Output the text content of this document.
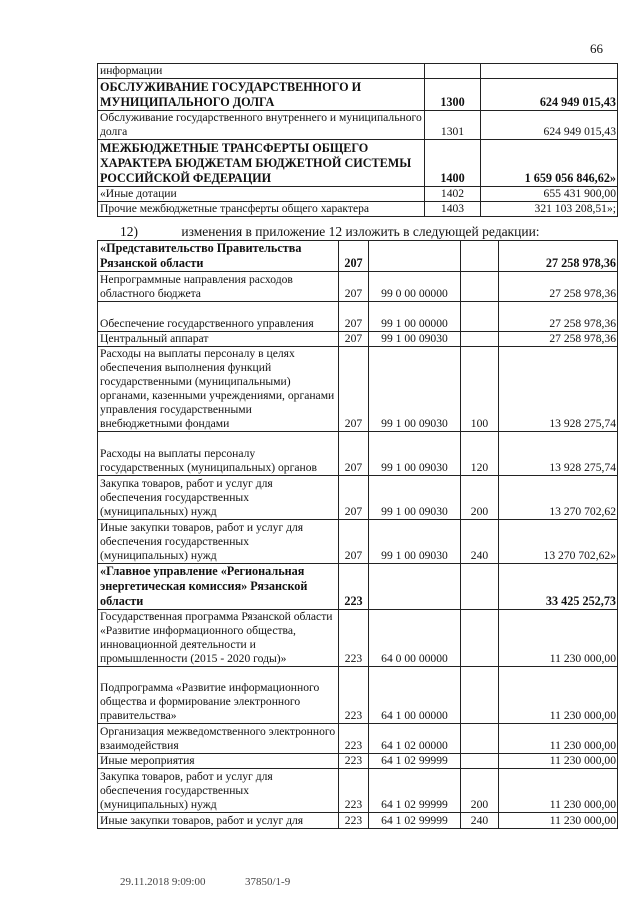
66
информации		
ОБСЛУЖИВАНИЕ ГОСУДАРСТВЕННОГО И МУНИЦИПАЛЬНОГО ДОЛГА	1300	624 949 015,43
Обслуживание государственного внутреннего и муниципального долга	1301	624 949 015,43
МЕЖБЮДЖЕТНЫЕ ТРАНСФЕРТЫ ОБЩЕГО ХАРАКТЕРА БЮДЖЕТАМ БЮДЖЕТНОЙ СИСТЕМЫ РОССИЙСКОЙ ФЕДЕРАЦИИ	1400	1 659 056 846,62»
«Иные дотации	1402	655 431 900,00
Прочие межбюджетные трансферты общего характера	1403	321 103 208,51»;
12)	изменения в приложение 12 изложить в следующей редакции:
«Представительство Правительства Рязанской области	207			27 258 978,36
Непрограммные направления расходов областного бюджета	207	99 0 00 00000		27 258 978,36
Обеспечение государственного управления	207	99 1 00 00000		27 258 978,36
Центральный аппарат	207	99 1 00 09030		27 258 978,36
Расходы на выплаты персоналу в целях обеспечения выполнения функций государственными (муниципальными) органами, казенными учреждениями, органами управления государственными внебюджетными фондами	207	99 1 00 09030	100	13 928 275,74
Расходы на выплаты персоналу государственных (муниципальных) органов	207	99 1 00 09030	120	13 928 275,74
Закупка товаров, работ и услуг для обеспечения государственных (муниципальных) нужд	207	99 1 00 09030	200	13 270 702,62
Иные закупки товаров, работ и услуг для обеспечения государственных (муниципальных) нужд	207	99 1 00 09030	240	13 270 702,62»
«Главное управление «Региональная энергетическая комиссия» Рязанской области	223			33 425 252,73
Государственная программа Рязанской области «Развитие информационного общества, инновационной деятельности и промышленности (2015 - 2020 годы)»	223	64 0 00 00000		11 230 000,00
Подпрограмма «Развитие информационного общества и формирование электронного правительства»	223	64 1 00 00000		11 230 000,00
Организация межведомственного электронного взаимодействия	223	64 1 02 00000		11 230 000,00
Иные мероприятия	223	64 1 02 99999		11 230 000,00
Закупка товаров, работ и услуг для обеспечения государственных (муниципальных) нужд	223	64 1 02 99999	200	11 230 000,00
Иные закупки товаров, работ и услуг для	223	64 1 02 99999	240	11 230 000,00
29.11.2018 9:09:00	37850/1-9
